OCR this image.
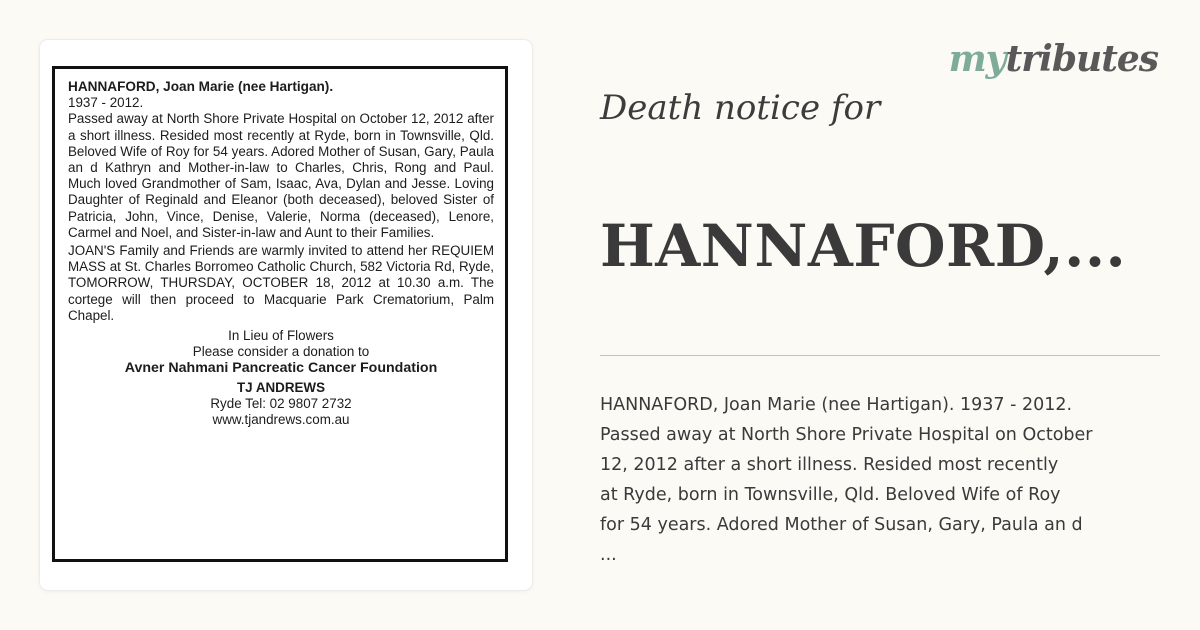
HANNAFORD, Joan Marie (nee Hartigan).
1937 - 2012.

Passed away at North Shore Private Hospital on October 12, 2012 after a short illness. Resided most recently at Ryde, born in Townsville, Qld. Beloved Wife of Roy for 54 years. Adored Mother of Susan, Gary, Paula an d Kathryn and Mother-in-law to Charles, Chris, Rong and Paul. Much loved Grandmother of Sam, Isaac, Ava, Dylan and Jesse. Loving Daughter of Reginald and Eleanor (both deceased), beloved Sister of Patricia, John, Vince, Denise, Valerie, Norma (deceased), Lenore, Carmel and Noel, and Sister-in-law and Aunt to their Families.

JOAN'S Family and Friends are warmly invited to attend her REQUIEM MASS at St. Charles Borromeo Catholic Church, 582 Victoria Rd, Ryde, TOMORROW, THURSDAY, OCTOBER 18, 2012 at 10.30 a.m. The cortege will then proceed to Macquarie Park Crematorium, Palm Chapel.

In Lieu of Flowers
Please consider a donation to
Avner Nahmani Pancreatic Cancer Foundation
TJ ANDREWS
Ryde Tel: 02 9807 2732
www.tjandrews.com.au
mytributes
Death notice for
HANNAFORD,...
HANNAFORD, Joan Marie (nee Hartigan). 1937 - 2012.
Passed away at North Shore Private Hospital on October
12, 2012 after a short illness. Resided most recently
at Ryde, born in Townsville, Qld. Beloved Wife of Roy
for 54 years. Adored Mother of Susan, Gary, Paula an d
...
